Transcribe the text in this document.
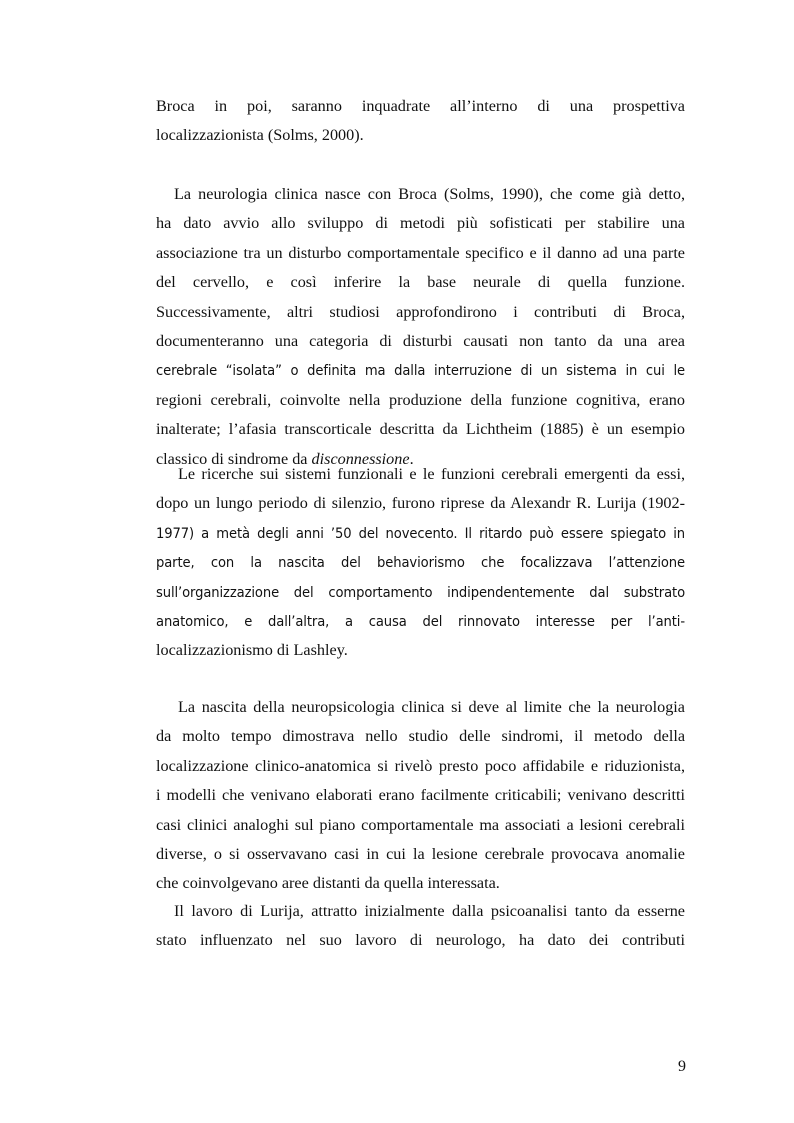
Broca in poi, saranno inquadrate all’interno di una prospettiva
localizzazionista (Solms, 2000).
La neurologia clinica nasce con Broca (Solms, 1990), che come già detto,
ha dato avvio allo sviluppo di metodi più sofisticati per stabilire una
associazione tra un disturbo comportamentale specifico e il danno ad una parte
del cervello, e così inferire la base neurale di quella funzione.
Successivamente, altri studiosi approfondirono i contributi di Broca,
documenteranno una categoria di disturbi causati non tanto da una area
cerebrale “isolata” o definita ma dalla interruzione di un sistema in cui le
regioni cerebrali, coinvolte nella produzione della funzione cognitiva, erano
inalterate; l’afasia transcorticale descritta da Lichtheim (1885) è un esempio
classico di sindrome da disconnessione.
Le ricerche sui sistemi funzionali e le funzioni cerebrali emergenti da essi,
dopo un lungo periodo di silenzio, furono riprese da Alexandr R. Lurija (1902-
1977) a metà degli anni ’50 del novecento. Il ritardo può essere spiegato in
parte, con la nascita del behaviorismo che focalizzava l’attenzione
sull’organizzazione del comportamento indipendentemente dal substrato
anatomico, e dall’altra, a causa del rinnovato interesse per l’anti-
localizzazionismo di Lashley.
La nascita della neuropsicologia clinica si deve al limite che la neurologia
da molto tempo dimostrava nello studio delle sindromi, il metodo della
localizzazione clinico-anatomica si rivelò presto poco affidabile e riduzionista,
i modelli che venivano elaborati erano facilmente criticabili; venivano descritti
casi clinici analoghi sul piano comportamentale ma associati a lesioni cerebrali
diverse, o si osservavano casi in cui la lesione cerebrale provocava anomalie
che coinvolgevano aree distanti da quella interessata.
Il lavoro di Lurija, attratto inizialmente dalla psicoanalisi tanto da esserne
stato influenzato nel suo lavoro di neurologo, ha dato dei contributi
9
